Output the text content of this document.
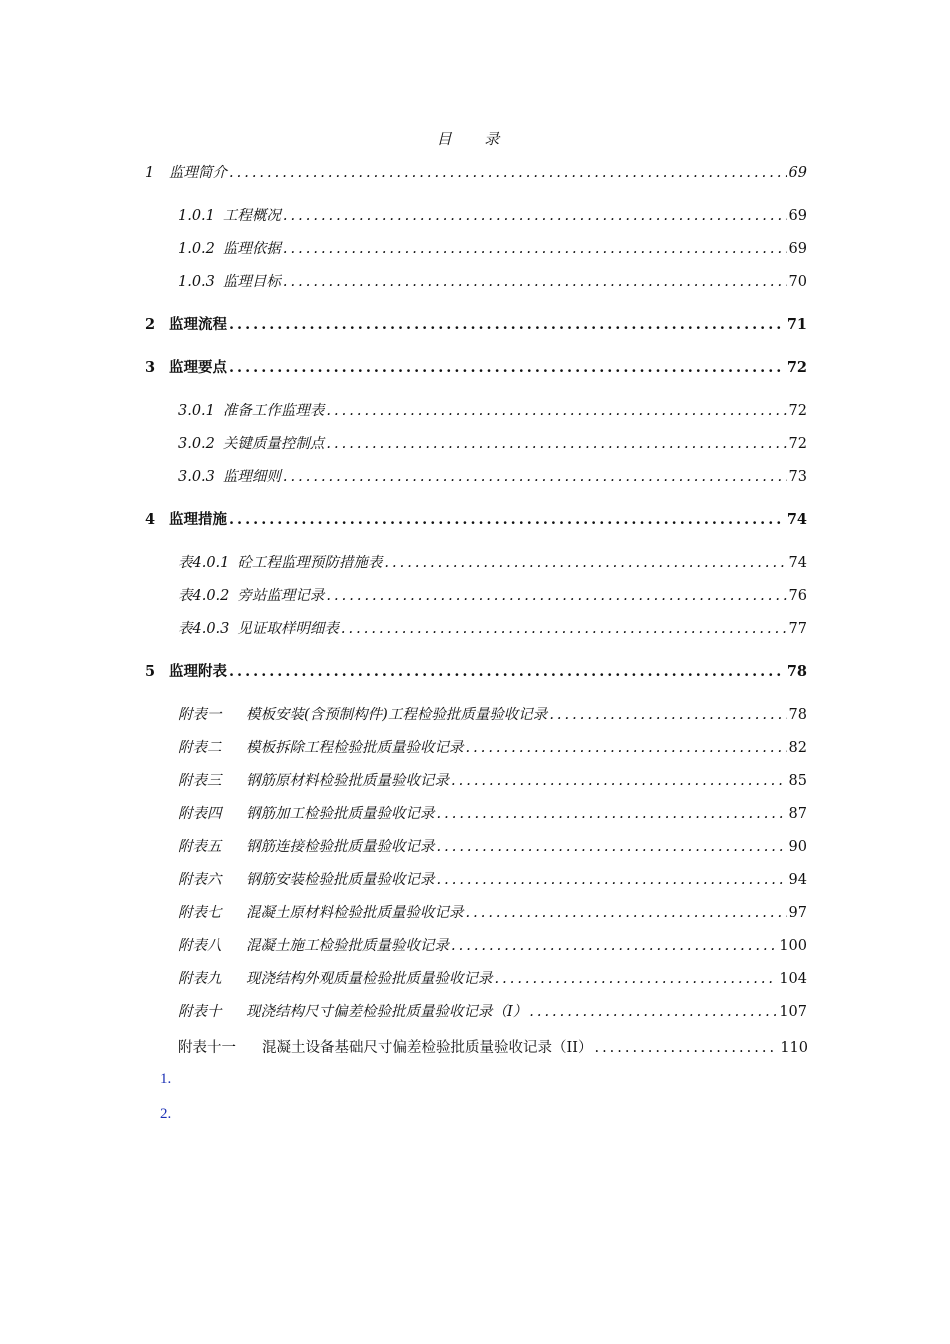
目 录
1	监理简介 .....	69
1.0.1 工程概况 .....	69
1.0.2 监理依据 .....	69
1.0.3 监理目标 .....	70
2 监理流程 .....	71
3 监理要点 .....	72
3.0.1 准备工作监理表 .....	72
3.0.2 关键质量控制点 .....	72
3.0.3 监理细则 .....	73
4 监理措施 .....	74
表4.0.1 砼工程监理预防措施表 .....	74
表4.0.2 旁站监理记录 .....	76
表4.0.3 见证取样明细表 .....	77
5 监理附表 .....	78
附表一 模板安装(含预制构件)工程检验批质量验收记录 .....	78
附表二 模板拆除工程检验批质量验收记录 .....	82
附表三 钢筋原材料检验批质量验收记录 .....	85
附表四 钢筋加工检验批质量验收记录 .....	87
附表五 钢筋连接检验批质量验收记录 .....	90
附表六 钢筋安装检验批质量验收记录 .....	94
附表七 混凝土原材料检验批质量验收记录 .....	97
附表八 混凝土施工检验批质量验收记录 .....	100
附表九 现浇结构外观质量检验批质量验收记录 .....	104
附表十 现浇结构尺寸偏差检验批质量验收记录（I） .....	107
附表十一 混凝土设备基础尺寸偏差检验批质量验收记录（II） .....	110
1.
2.
